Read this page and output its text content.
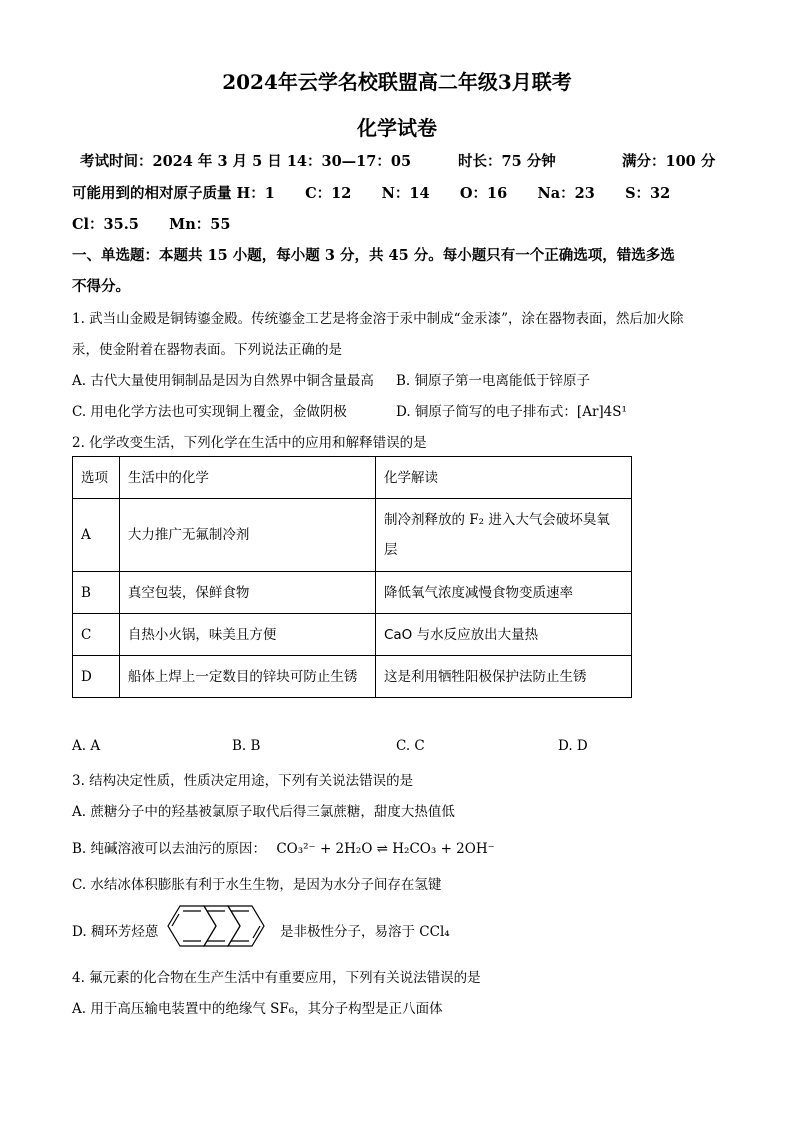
2024年云学名校联盟高二年级3月联考
化学试卷
考试时间：2024 年 3 月 5 日 14：30—17：05	时长：75 分钟	满分：100 分
可能用到的相对原子质量 H：1      C：12      N：14      O：16      Na：23      S：32
Cl：35.5      Mn：55
一、单选题：本题共 15 小题，每小题 3 分，共 45 分。每小题只有一个正确选项，错选多选
不得分。
1. 武当山金殿是铜铸鎏金殿。传统鎏金工艺是将金溶于汞中制成“金汞漆”，涂在器物表面，然后加火除
汞，使金附着在器物表面。下列说法正确的是
A. 古代大量使用铜制品是因为自然界中铜含量最高 B. 铜原子第一电离能低于锌原子
C. 用电化学方法也可实现铜上覆金，金做阴极	D. 铜原子简写的电子排布式：[Ar]4S¹
2. 化学改变生活，下列化学在生活中的应用和解释错误的是
选项	生活中的化学	化学解读
A	大力推广无氟制冷剂	制冷剂释放的 F₂ 进入大气会破坏臭氧
层

B	真空包装，保鲜食物	降低氧气浓度减慢食物变质速率
C	自热小火锅，味美且方便	CaO 与水反应放出大量热
D	船体上焊上一定数目的锌块可防止生锈	这是利用牺牲阳极保护法防止生锈
A. A	B. B	C. C	D. D
3. 结构决定性质，性质决定用途，下列有关说法错误的是
A. 蔗糖分子中的羟基被氯原子取代后得三氯蔗糖，甜度大热值低
B. 纯碱溶液可以去油污的原因： CO₃²⁻ + 2H₂O ⇌ H₂CO₃ + 2OH⁻
C. 水结冰体积膨胀有利于水生生物，是因为水分子间存在氢键
D. 稠环芳烃蒽	是非极性分子，易溶于 CCl₄
4. 氟元素的化合物在生产生活中有重要应用，下列有关说法错误的是
A. 用于高压输电装置中的绝缘气 SF₆，其分子构型是正八面体
